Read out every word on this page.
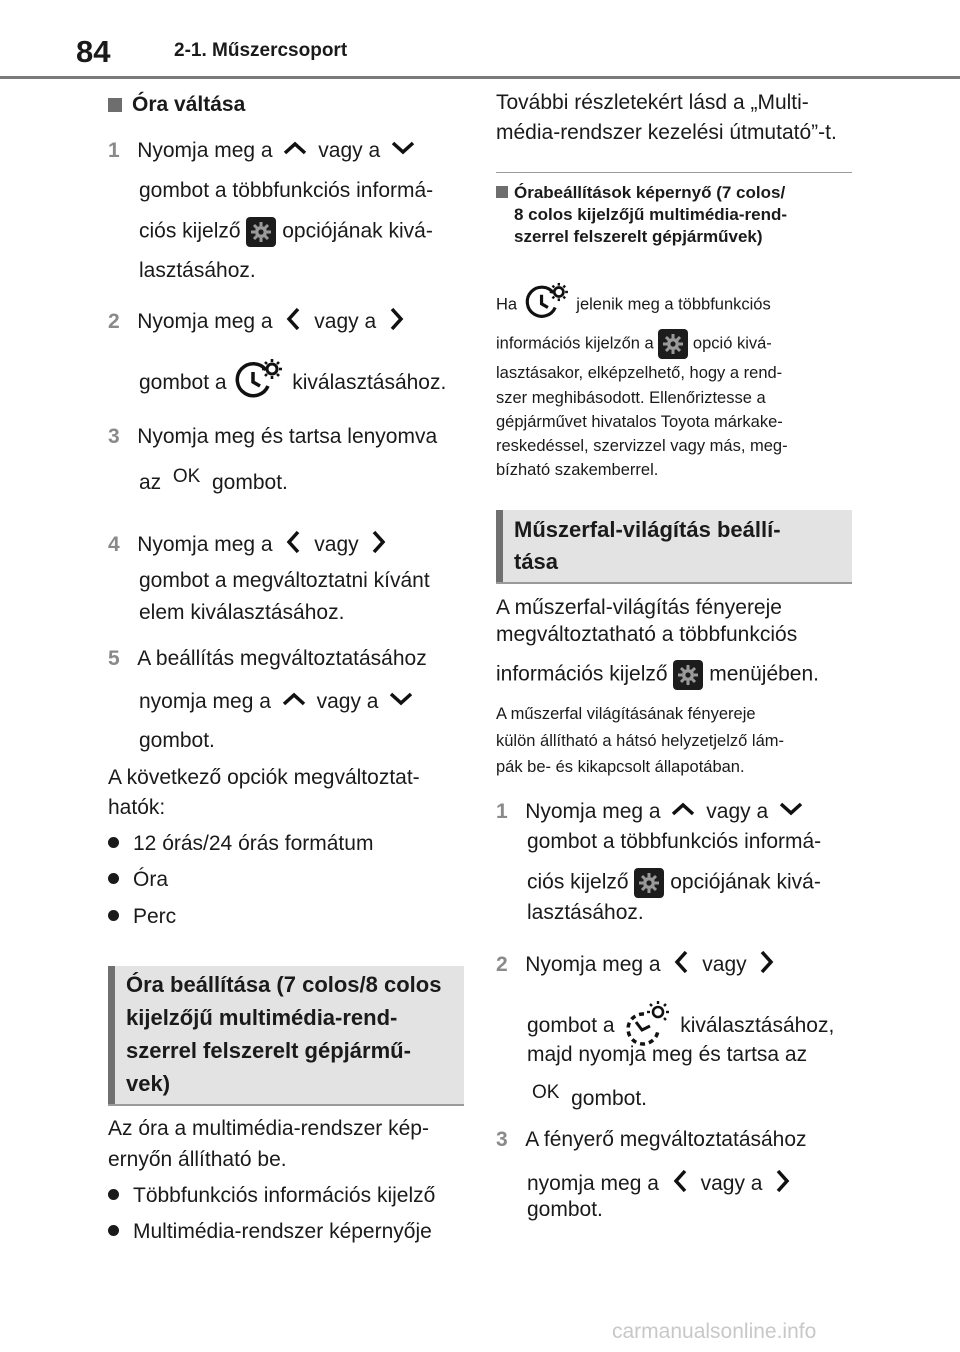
84	2-1. Műszercsoport
Óra váltása
1 Nyomja meg a vagy a
gombot a többfunkciós informá-
ciós kijelző opciójának kivá-
lasztásához.
2 Nyomja meg a vagy a
gombot a	kiválasztásához.
3 Nyomja meg és tartsa lenyomva
az OK gombot.
4 Nyomja meg a vagy
gombot a megváltoztatni kívánt
elem kiválasztásához.
5 A beállítás megváltoztatásához
nyomja meg a vagy a
gombot.
A következő opciók megváltoztat-
hatók:
12 órás/24 órás formátum
Óra
Perc
Óra beállítása (7 colos/8 colos
kijelzőjű multimédia-rend-
szerrel felszerelt gépjármű-
vek)
Az óra a multimédia-rendszer kép-
ernyőn állítható be.
Többfunkciós információs kijelző
Multimédia-rendszer képernyője
További részletekért lásd a „Multi-
média-rendszer kezelési útmutató”-t.
Órabeállítások képernyő (7 colos/
8 colos kijelzőjű multimédia-rend-
szerrel felszerelt gépjárművek)
Ha	jelenik meg a többfunkciós
információs kijelzőn a opció kivá-
lasztásakor, elképzelhető, hogy a rend-
szer meghibásodott. Ellenőriztesse a
gépjárművet hivatalos Toyota márkake-
reskedéssel, szervizzel vagy más, meg-
bízható szakemberrel.
Műszerfal-világítás beállí-
tása
A műszerfal-világítás fényereje
megváltoztatható a többfunkciós
információs kijelző menüjében.
A műszerfal világításának fényereje
külön állítható a hátsó helyzetjelző lám-
pák be- és kikapcsolt állapotában.
1 Nyomja meg a vagy a
gombot a többfunkciós informá-
ciós kijelző opciójának kivá-
lasztásához.
2 Nyomja meg a vagy
gombot a	kiválasztásához,
majd nyomja meg és tartsa az
OK gombot.
3 A fényerő megváltoztatásához
nyomja meg a vagy a
gombot.
carmanualsonline.info
